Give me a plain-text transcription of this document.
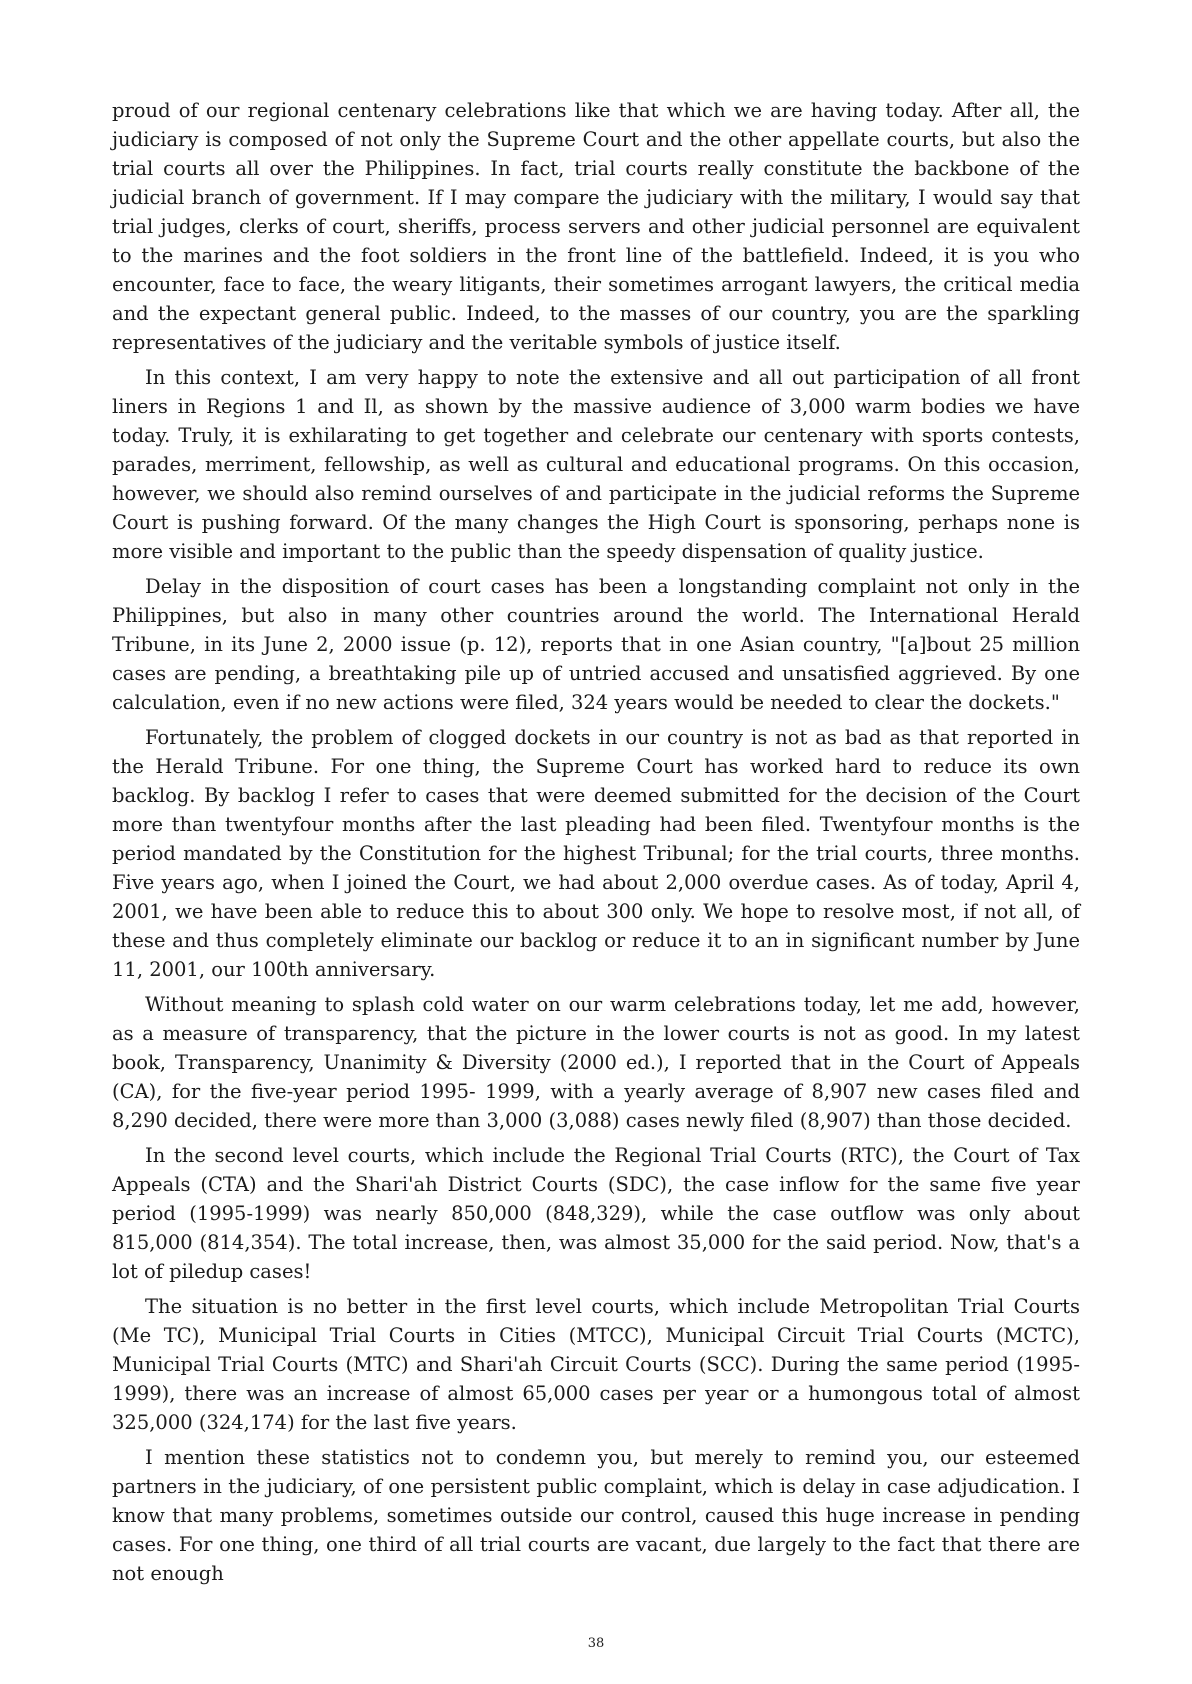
proud of our regional centenary celebrations like that which we are having today. After all, the judiciary is composed of not only the Supreme Court and the other appellate courts, but also the trial courts all over the Philippines. In fact, trial courts really constitute the backbone of the judicial branch of government. If I may compare the judiciary with the military, I would say that trial judges, clerks of court, sheriffs, process servers and other judicial personnel are equivalent to the marines and the foot soldiers in the front line of the battlefield. Indeed, it is you who encounter, face to face, the weary litigants, their sometimes arrogant lawyers, the critical media and the expectant general public. Indeed, to the masses of our country, you are the sparkling representatives of the judiciary and the veritable symbols of justice itself.

In this context, I am very happy to note the extensive and all out participation of all front liners in Regions 1 and Il, as shown by the massive audience of 3,000 warm bodies we have today. Truly, it is exhilarating to get together and celebrate our centenary with sports contests, parades, merriment, fellowship, as well as cultural and educational programs. On this occasion, however, we should also remind ourselves of and participate in the judicial reforms the Supreme Court is pushing forward. Of the many changes the High Court is sponsoring, perhaps none is more visible and important to the public than the speedy dispensation of quality justice.

Delay in the disposition of court cases has been a longstanding complaint not only in the Philippines, but also in many other countries around the world. The International Herald Tribune, in its June 2, 2000 issue (p. 12), reports that in one Asian country, "[a]bout 25 million cases are pending, a breathtaking pile up of untried accused and unsatisfied aggrieved. By one calculation, even if no new actions were filed, 324 years would be needed to clear the dockets."

Fortunately, the problem of clogged dockets in our country is not as bad as that reported in the Herald Tribune. For one thing, the Supreme Court has worked hard to reduce its own backlog. By backlog I refer to cases that were deemed submitted for the decision of the Court more than twentyfour months after the last pleading had been filed. Twentyfour months is the period mandated by the Constitution for the highest Tribunal; for the trial courts, three months. Five years ago, when I joined the Court, we had about 2,000 overdue cases. As of today, April 4, 2001, we have been able to reduce this to about 300 only. We hope to resolve most, if not all, of these and thus completely eliminate our backlog or reduce it to an in significant number by June 11, 2001, our 100th anniversary.

Without meaning to splash cold water on our warm celebrations today, let me add, however, as a measure of transparency, that the picture in the lower courts is not as good. In my latest book, Transparency, Unanimity & Diversity (2000 ed.), I reported that in the Court of Appeals (CA), for the five-year period 1995- 1999, with a yearly average of 8,907 new cases filed and 8,290 decided, there were more than 3,000 (3,088) cases newly filed (8,907) than those decided.

In the second level courts, which include the Regional Trial Courts (RTC), the Court of Tax Appeals (CTA) and the Shari'ah District Courts (SDC), the case inflow for the same five year period (1995-1999) was nearly 850,000 (848,329), while the case outflow was only about 815,000 (814,354). The total increase, then, was almost 35,000 for the said period. Now, that's a lot of piledup cases!

The situation is no better in the first level courts, which include Metropolitan Trial Courts (Me TC), Municipal Trial Courts in Cities (MTCC), Municipal Circuit Trial Courts (MCTC), Municipal Trial Courts (MTC) and Shari'ah Circuit Courts (SCC). During the same period (1995-1999), there was an increase of almost 65,000 cases per year or a humongous total of almost 325,000 (324,174) for the last five years.

I mention these statistics not to condemn you, but merely to remind you, our esteemed partners in the judiciary, of one persistent public complaint, which is delay in case adjudication. I know that many problems, sometimes outside our control, caused this huge increase in pending cases. For one thing, one third of all trial courts are vacant, due largely to the fact that there are not enough

38
